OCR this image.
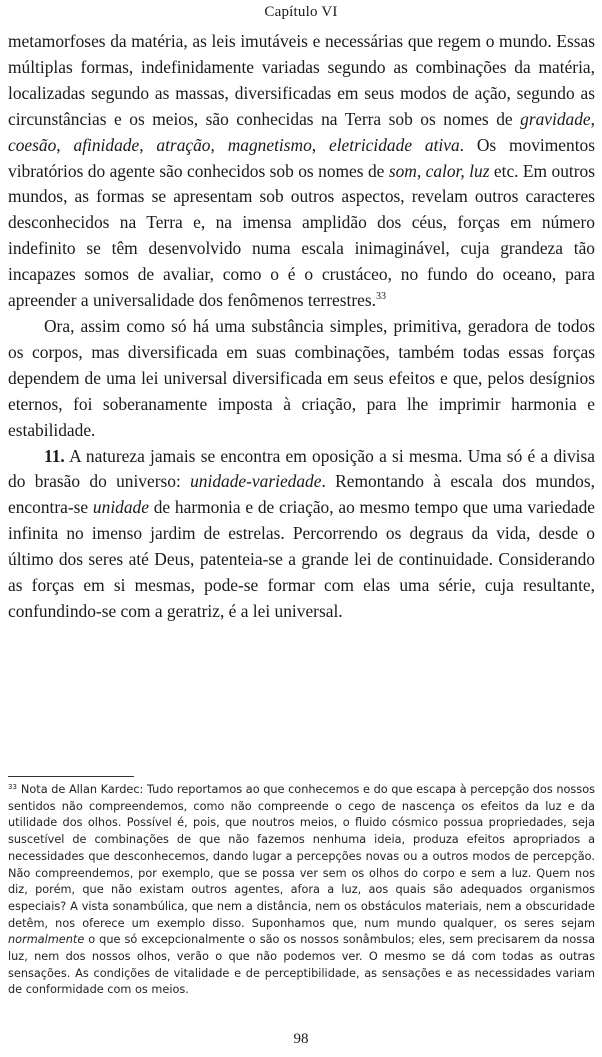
Capítulo VI

metamorfoses da matéria, as leis imutáveis e necessárias que regem o mundo. Essas múltiplas formas, indefinidamente variadas segundo as combinações da matéria, localizadas segundo as massas, diversificadas em seus modos de ação, segundo as circunstâncias e os meios, são conhecidas na Terra sob os nomes de gravidade, coesão, afinidade, atração, magnetismo, eletricidade ativa. Os movimentos vibratórios do agente são conhecidos sob os nomes de som, calor, luz etc. Em outros mundos, as formas se apresentam sob outros aspectos, revelam outros caracteres desconhecidos na Terra e, na imensa amplidão dos céus, forças em número indefinito se têm desenvolvido numa escala inimaginável, cuja grandeza tão incapazes somos de avaliar, como o é o crustáceo, no fundo do oceano, para apreender a universalidade dos fenômenos terrestres.$^{33}$

Ora, assim como só há uma substância simples, primitiva, geradora de todos os corpos, mas diversificada em suas combinações, também todas essas forças dependem de uma lei universal diversificada em seus efeitos e que, pelos desígnios eternos, foi soberanamente imposta à criação, para lhe imprimir harmonia e estabilidade.

11. A natureza jamais se encontra em oposição a si mesma. Uma só é a divisa do brasão do universo: unidade-variedade. Remontando à escala dos mundos, encontra-se unidade de harmonia e de criação, ao mesmo tempo que uma variedade infinita no imenso jardim de estrelas. Percorrendo os degraus da vida, desde o último dos seres até Deus, patenteia-se a grande lei de continuidade. Considerando as forças em si mesmas, pode-se formar com elas uma série, cuja resultante, confundindo-se com a geratriz, é a lei universal.

$^{33}$ Nota de Allan Kardec: Tudo reportamos ao que conhecemos e do que escapa à percepção dos nossos sentidos não compreendemos, como não compreende o cego de nascença os efeitos da luz e da utilidade dos olhos. Possível é, pois, que noutros meios, o fluido cósmico possua propriedades, seja suscetível de combinações de que não fazemos nenhuma ideia, produza efeitos apropriados a necessidades que desconhecemos, dando lugar a percepções novas ou a outros modos de percepção. Não compreendemos, por exemplo, que se possa ver sem os olhos do corpo e sem a luz. Quem nos diz, porém, que não existam outros agentes, afora a luz, aos quais são adequados organismos especiais? A vista sonambúlica, que nem a distância, nem os obstáculos materiais, nem a obscuridade detêm, nos oferece um exemplo disso. Suponhamos que, num mundo qualquer, os seres sejam normalmente o que só excepcionalmente o são os nossos sonâmbulos; eles, sem precisarem da nossa luz, nem dos nossos olhos, verão o que não podemos ver. O mesmo se dá com todas as outras sensações. As condições de vitalidade e de perceptibilidade, as sensações e as necessidades variam de conformidade com os meios.
98
